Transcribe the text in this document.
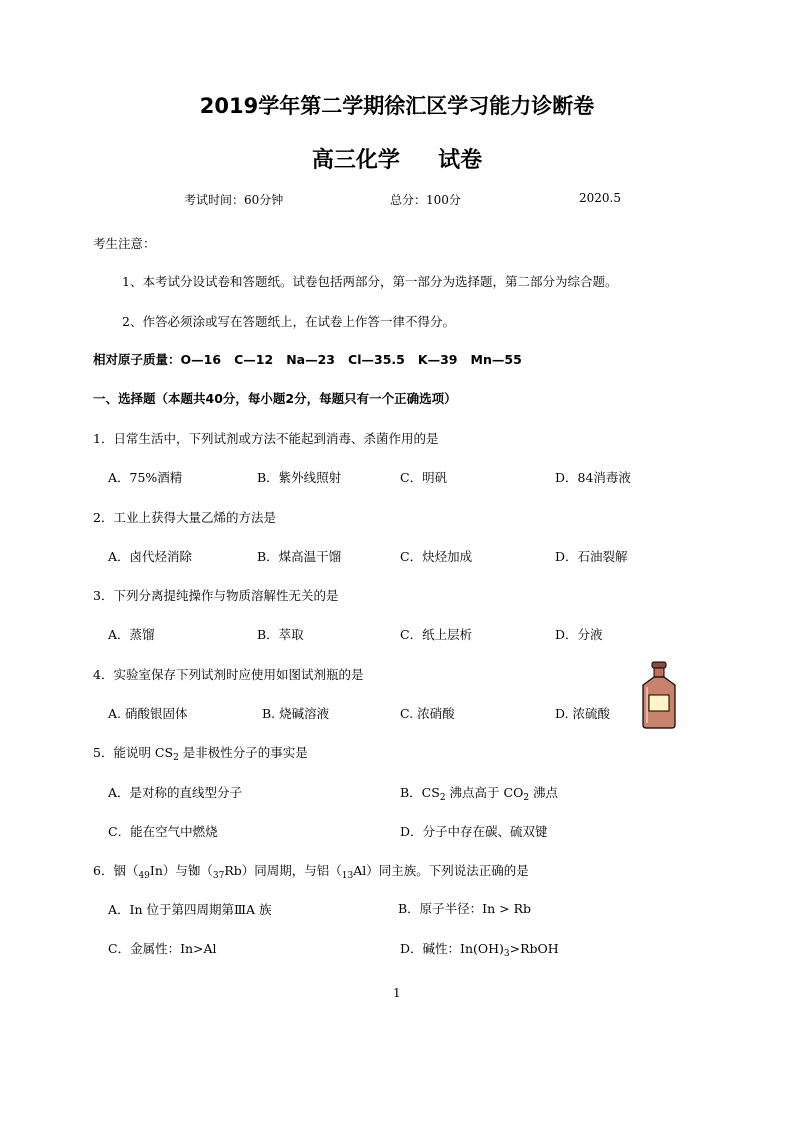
2019学年第二学期徐汇区学习能力诊断卷
高三化学     试卷
考试时间：60分钟	总分：100分	2020.5
考生注意：
1、本考试分设试卷和答题纸。试卷包括两部分，第一部分为选择题，第二部分为综合题。
2、作答必须涂或写在答题纸上，在试卷上作答一律不得分。
相对原子质量：O—16   C—12   Na—23   Cl—35.5   K—39   Mn—55
一、选择题（本题共40分，每小题2分，每题只有一个正确选项）
1．日常生活中，下列试剂或方法不能起到消毒、杀菌作用的是
A．75%酒精	B．紫外线照射	C．明矾	D．84消毒液
2．工业上获得大量乙烯的方法是
A．卤代烃消除	B．煤高温干馏	C．炔烃加成	D．石油裂解
3．下列分离提纯操作与物质溶解性无关的是
A．蒸馏	B．萃取	C．纸上层析	D．分液
4．实验室保存下列试剂时应使用如图试剂瓶的是
A. 硝酸银固体	B. 烧碱溶液	C. 浓硝酸	D. 浓硫酸
5．能说明 $CS_2$ 是非极性分子的事实是
A．是对称的直线型分子	B．$CS_2$ 沸点高于 $CO_2$ 沸点
C．能在空气中燃烧	D．分子中存在碳、硫双键
6．铟$(_{49}In)$与铷$(_{37}Rb)$同周期，与铝$(_{13}Al)$同主族。下列说法正确的是
A．In 位于第四周期第ⅢA 族	B．原子半径：In > Rb
C．金属性：In>Al	D．碱性：$In(OH)_3>RbOH$
1
